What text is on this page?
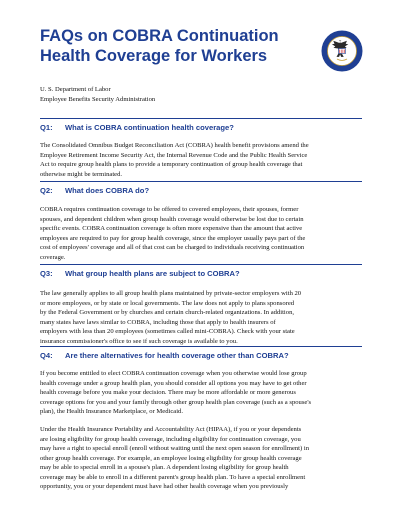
FAQs on COBRA Continuation
Health Coverage for Workers
U. S. Department of Labor
Employee Benefits Security Administration
Q1: What is COBRA continuation health coverage?
The Consolidated Omnibus Budget Reconciliation Act (COBRA) health benefit provisions amend the
Employee Retirement Income Security Act, the Internal Revenue Code and the Public Health Service
Act to require group health plans to provide a temporary continuation of group health coverage that
otherwise might be terminated.
Q2: What does COBRA do?
COBRA requires continuation coverage to be offered to covered employees, their spouses, former
spouses, and dependent children when group health coverage would otherwise be lost due to certain
specific events. COBRA continuation coverage is often more expensive than the amount that active
employees are required to pay for group health coverage, since the employer usually pays part of the
cost of employees' coverage and all of that cost can be charged to individuals receiving continuation
coverage.
Q3: What group health plans are subject to COBRA?
The law generally applies to all group health plans maintained by private-sector employers with 20
or more employees, or by state or local governments. The law does not apply to plans sponsored
by the Federal Government or by churches and certain church-related organizations. In addition,
many states have laws similar to COBRA, including those that apply to health insurers of
employers with less than 20 employees (sometimes called mini-COBRA). Check with your state
insurance commissioner's office to see if such coverage is available to you.
Q4: Are there alternatives for health coverage other than COBRA?
If you become entitled to elect COBRA continuation coverage when you otherwise would lose group
health coverage under a group health plan, you should consider all options you may have to get other
health coverage before you make your decision. There may be more affordable or more generous
coverage options for you and your family through other group health plan coverage (such as a spouse's
plan), the Health Insurance Marketplace, or Medicaid.
Under the Health Insurance Portability and Accountability Act (HIPAA), if you or your dependents
are losing eligibility for group health coverage, including eligibility for continuation coverage, you
may have a right to special enroll (enroll without waiting until the next open season for enrollment) in
other group health coverage. For example, an employee losing eligibility for group health coverage
may be able to special enroll in a spouse's plan. A dependent losing eligibility for group health
coverage may be able to enroll in a different parent's group health plan. To have a special enrollment
opportunity, you or your dependent must have had other health coverage when you previously
